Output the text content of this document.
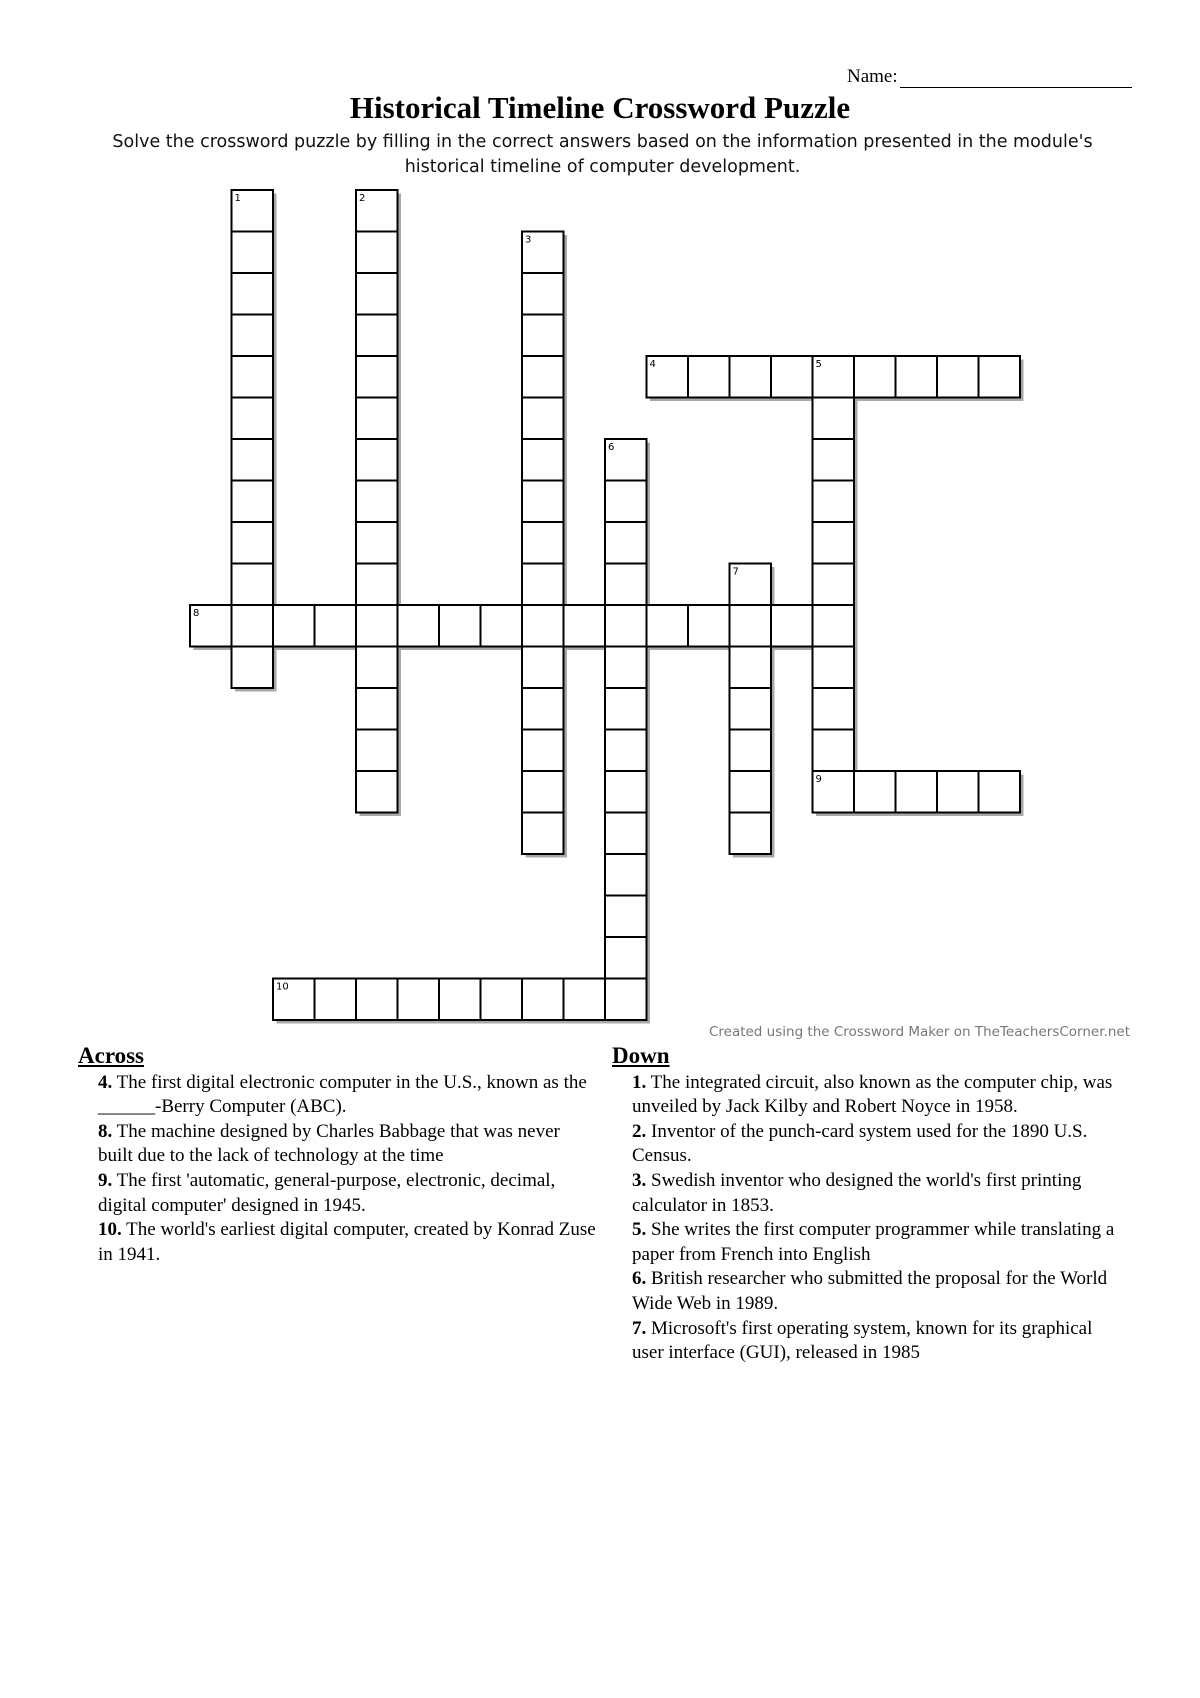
Name:
Historical Timeline Crossword Puzzle
Solve the crossword puzzle by filling in the correct answers based on the information presented in the module's historical timeline of computer development.
1	2
3
4	5
6
7
8
9
10
Created using the Crossword Maker on TheTeachersCorner.net
Across
4. The first digital electronic computer in the U.S., known as the ______-Berry Computer (ABC).
8. The machine designed by Charles Babbage that was never built due to the lack of technology at the time
9. The first 'automatic, general-purpose, electronic, decimal, digital computer' designed in 1945.
10. The world's earliest digital computer, created by Konrad Zuse in 1941.
Down
1. The integrated circuit, also known as the computer chip, was unveiled by Jack Kilby and Robert Noyce in 1958.
2. Inventor of the punch-card system used for the 1890 U.S. Census.
3. Swedish inventor who designed the world's first printing calculator in 1853.
5. She writes the first computer programmer while translating a paper from French into English
6. British researcher who submitted the proposal for the World Wide Web in 1989.
7. Microsoft's first operating system, known for its graphical user interface (GUI), released in 1985
